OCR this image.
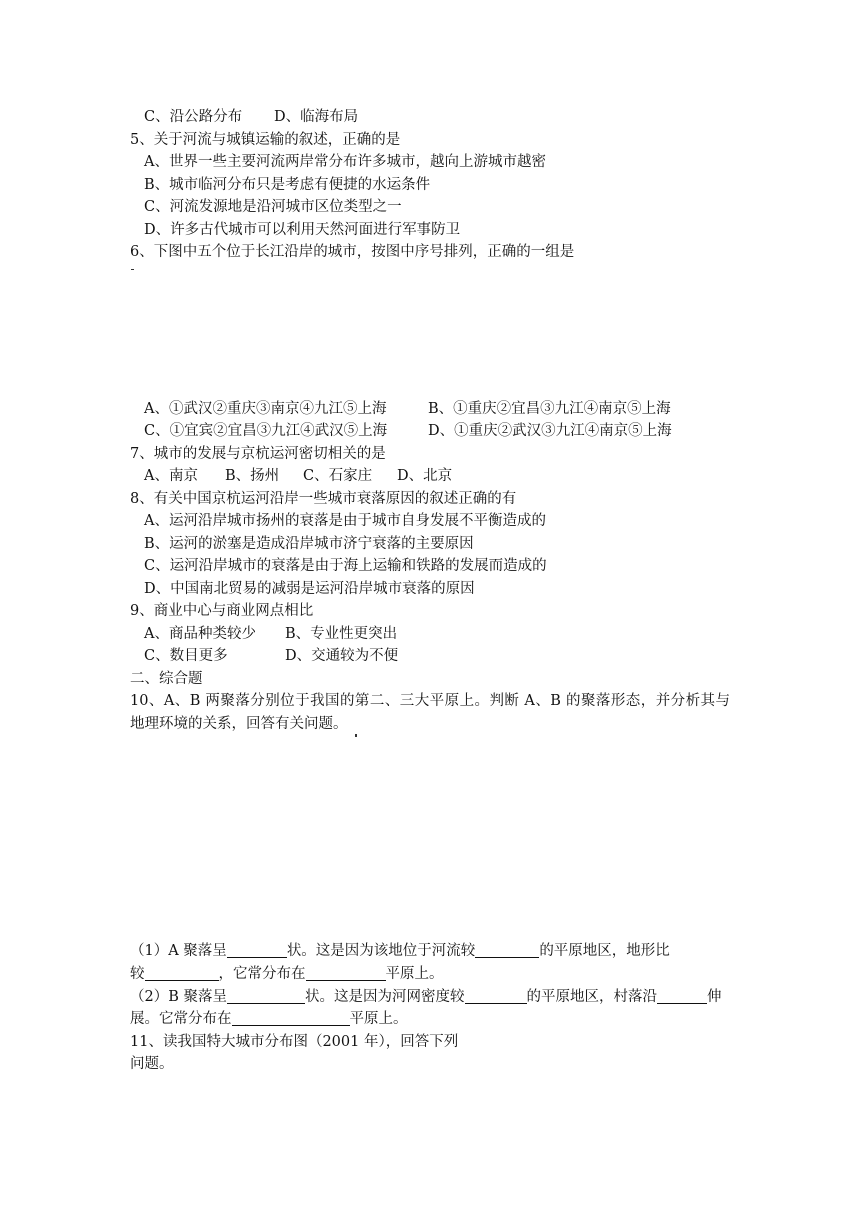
C、沿公路分布 D、临海布局
5、关于河流与城镇运输的叙述，正确的是
A、世界一些主要河流两岸常分布许多城市，越向上游城市越密
B、城市临河分布只是考虑有便捷的水运条件
C、河流发源地是沿河城市区位类型之一
D、许多古代城市可以利用天然河面进行军事防卫
6、下图中五个位于长江沿岸的城市，按图中序号排列，正确的一组是
A、①武汉②重庆③南京④九江⑤上海	B、①重庆②宜昌③九江④南京⑤上海
C、①宜宾②宜昌③九江④武汉⑤上海	D、①重庆②武汉③九江④南京⑤上海
7、城市的发展与京杭运河密切相关的是
A、南京 B、扬州 C、石家庄 D、北京
8、有关中国京杭运河沿岸一些城市衰落原因的叙述正确的有
A、运河沿岸城市扬州的衰落是由于城市自身发展不平衡造成的
B、运河的淤塞是造成沿岸城市济宁衰落的主要原因
C、运河沿岸城市的衰落是由于海上运输和铁路的发展而造成的
D、中国南北贸易的减弱是运河沿岸城市衰落的原因
9、商业中心与商业网点相比
A、商品种类较少 B、专业性更突出
C、数目更多	D、交通较为不便
二、综合题
10、A、B 两聚落分别位于我国的第二、三大平原上。判断 A、B 的聚落形态，并分析其与
地理环境的关系，回答有关问题。
（1）A 聚落呈	状。这是因为该地位于河流较	的平原地区，地形比
较	，它常分布在	平原上。
（2）B 聚落呈	状。这是因为河网密度较	的平原地区，村落沿	伸
展。它常分布在	平原上。
11、读我国特大城市分布图（2001 年），回答下列
问题。
